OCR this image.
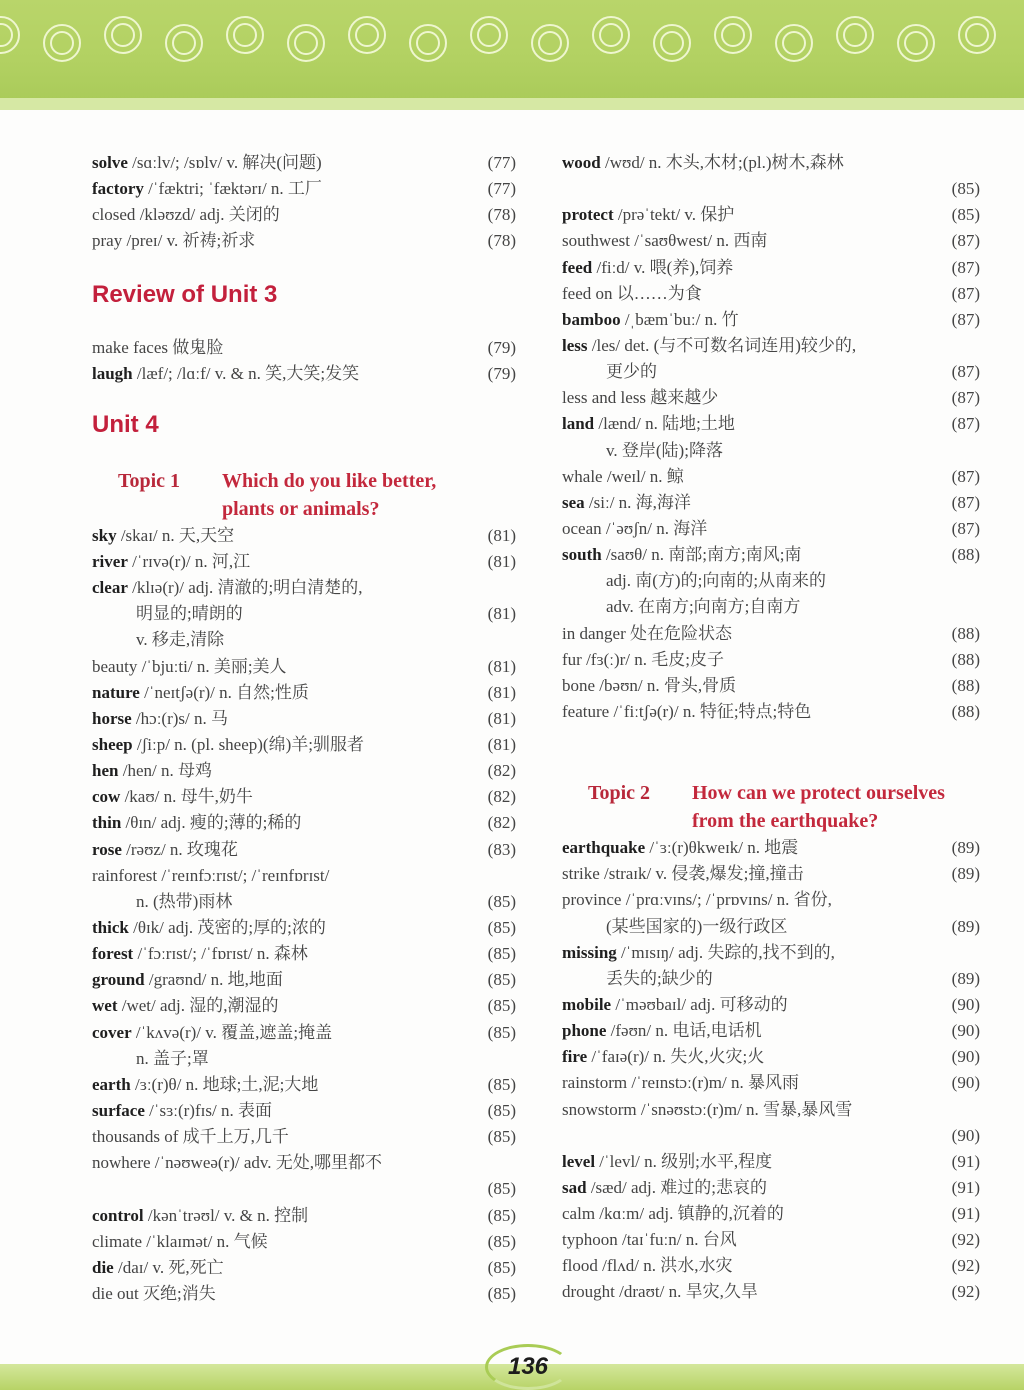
solve /sɑːlv/; /sɒlv/ v. 解决(问题)	(77)
factory /ˈfæktri; ˈfæktərɪ/ n. 工厂	(77)
closed /kləʊzd/ adj. 关闭的	(78)
pray /preɪ/ v. 祈祷;祈求	(78)
Review of Unit 3
make faces 做鬼脸	(79)
laugh /læf/; /lɑːf/ v. & n. 笑,大笑;发笑	(79)
Unit 4
Topic 1 Which do you like better,
plants or animals?
sky /skaɪ/ n. 天,天空	(81)
river /ˈrɪvə(r)/ n. 河,江	(81)
clear /klɪə(r)/ adj. 清澈的;明白清楚的,
明显的;晴朗的	(81)
v. 移走,清除
beauty /ˈbjuːti/ n. 美丽;美人	(81)
nature /ˈneɪtʃə(r)/ n. 自然;性质	(81)
horse /hɔː(r)s/ n. 马	(81)
sheep /ʃiːp/ n. (pl. sheep)(绵)羊;驯服者	(81)
hen /hen/ n. 母鸡	(82)
cow /kaʊ/ n. 母牛,奶牛	(82)
thin /θɪn/ adj. 瘦的;薄的;稀的	(82)
rose /rəʊz/ n. 玫瑰花	(83)
rainforest /ˈreɪnfɔːrɪst/; /ˈreɪnfɒrɪst/
n. (热带)雨林	(85)
thick /θɪk/ adj. 茂密的;厚的;浓的	(85)
forest /ˈfɔːrɪst/; /ˈfɒrɪst/ n. 森林	(85)
ground /graʊnd/ n. 地,地面	(85)
wet /wet/ adj. 湿的,潮湿的	(85)
cover /ˈkʌvə(r)/ v. 覆盖,遮盖;掩盖	(85)
n. 盖子;罩
earth /ɜː(r)θ/ n. 地球;土,泥;大地	(85)
surface /ˈsɜː(r)fɪs/ n. 表面	(85)
thousands of 成千上万,几千	(85)
nowhere /ˈnəʊweə(r)/ adv. 无处,哪里都不
(85)
control /kənˈtrəʊl/ v. & n. 控制	(85)
climate /ˈklaɪmət/ n. 气候	(85)
die /daɪ/ v. 死,死亡	(85)
die out 灭绝;消失	(85)
wood /wʊd/ n. 木头,木材;(pl.)树木,森林
(85)
protect /prəˈtekt/ v. 保护	(85)
southwest /ˈsaʊθwest/ n. 西南	(87)
feed /fiːd/ v. 喂(养),饲养	(87)
feed on 以……为食	(87)
bamboo /ˌbæmˈbuː/ n. 竹	(87)
less /les/ det. (与不可数名词连用)较少的,
更少的	(87)
less and less 越来越少	(87)
land /lænd/ n. 陆地;土地	(87)
v. 登岸(陆);降落
whale /weɪl/ n. 鲸	(87)
sea /siː/ n. 海,海洋	(87)
ocean /ˈəʊʃn/ n. 海洋	(87)
south /saʊθ/ n. 南部;南方;南风;南	(88)
adj. 南(方)的;向南的;从南来的
adv. 在南方;向南方;自南方
in danger 处在危险状态	(88)
fur /fɜ(ː)r/ n. 毛皮;皮子	(88)
bone /bəʊn/ n. 骨头,骨质	(88)
feature /ˈfiːtʃə(r)/ n. 特征;特点;特色	(88)
Topic 2 How can we protect ourselves
from the earthquake?
earthquake /ˈɜː(r)θkweɪk/ n. 地震	(89)
strike /straɪk/ v. 侵袭,爆发;撞,撞击	(89)
province /ˈprɑːvɪns/; /ˈprɒvɪns/ n. 省份,
(某些国家的)一级行政区	(89)
missing /ˈmɪsɪŋ/ adj. 失踪的,找不到的,
丢失的;缺少的	(89)
mobile /ˈməʊbaɪl/ adj. 可移动的	(90)
phone /fəʊn/ n. 电话,电话机	(90)
fire /ˈfaɪə(r)/ n. 失火,火灾;火	(90)
rainstorm /ˈreɪnstɔː(r)m/ n. 暴风雨	(90)
snowstorm /ˈsnəʊstɔː(r)m/ n. 雪暴,暴风雪
(90)
level /ˈlevl/ n. 级别;水平,程度	(91)
sad /sæd/ adj. 难过的;悲哀的	(91)
calm /kɑːm/ adj. 镇静的,沉着的	(91)
typhoon /taɪˈfuːn/ n. 台风	(92)
flood /flʌd/ n. 洪水,水灾	(92)
drought /draʊt/ n. 旱灾,久旱	(92)
136
